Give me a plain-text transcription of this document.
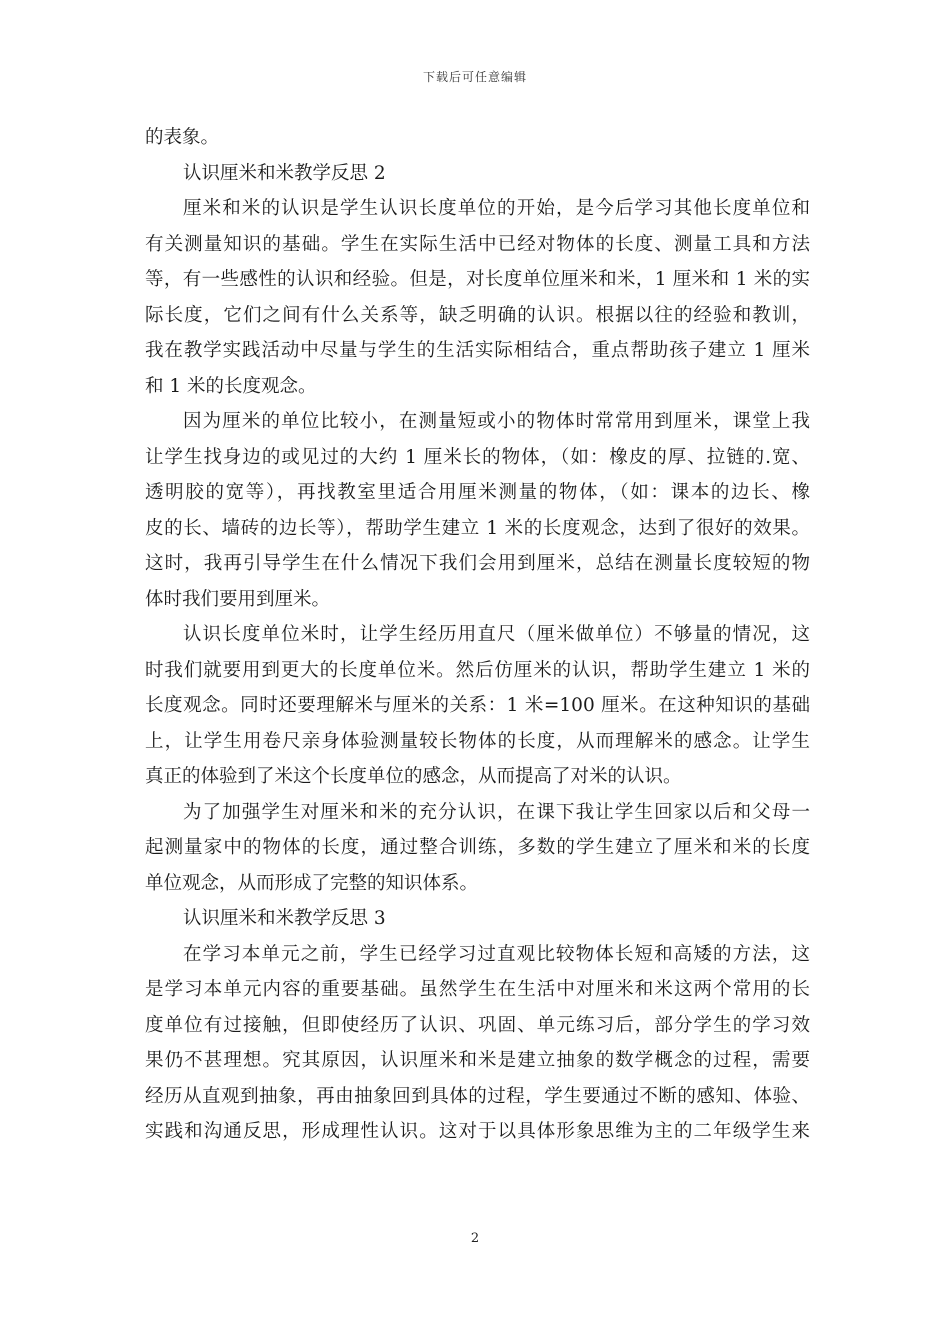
下载后可任意编辑
的表象。
认识厘米和米教学反思 2
厘米和米的认识是学生认识长度单位的开始，是今后学习其他长度单位和
有关测量知识的基础。学生在实际生活中已经对物体的长度、测量工具和方法
等，有一些感性的认识和经验。但是，对长度单位厘米和米，1 厘米和 1 米的实
际长度，它们之间有什么关系等，缺乏明确的认识。根据以往的经验和教训，
我在教学实践活动中尽量与学生的生活实际相结合，重点帮助孩子建立 1 厘米
和 1 米的长度观念。
因为厘米的单位比较小，在测量短或小的物体时常常用到厘米，课堂上我
让学生找身边的或见过的大约 1 厘米长的物体，（如：橡皮的厚、拉链的.宽、
透明胶的宽等），再找教室里适合用厘米测量的物体，（如：课本的边长、橡
皮的长、墙砖的边长等），帮助学生建立 1 米的长度观念，达到了很好的效果。
这时，我再引导学生在什么情况下我们会用到厘米，总结在测量长度较短的物
体时我们要用到厘米。
认识长度单位米时，让学生经历用直尺（厘米做单位）不够量的情况，这
时我们就要用到更大的长度单位米。然后仿厘米的认识，帮助学生建立 1 米的
长度观念。同时还要理解米与厘米的关系：1 米=100 厘米。在这种知识的基础
上，让学生用卷尺亲身体验测量较长物体的长度，从而理解米的感念。让学生
真正的体验到了米这个长度单位的感念，从而提高了对米的认识。
为了加强学生对厘米和米的充分认识，在课下我让学生回家以后和父母一
起测量家中的物体的长度，通过整合训练，多数的学生建立了厘米和米的长度
单位观念，从而形成了完整的知识体系。
认识厘米和米教学反思 3
在学习本单元之前，学生已经学习过直观比较物体长短和高矮的方法，这
是学习本单元内容的重要基础。虽然学生在生活中对厘米和米这两个常用的长
度单位有过接触，但即使经历了认识、巩固、单元练习后，部分学生的学习效
果仍不甚理想。究其原因，认识厘米和米是建立抽象的数学概念的过程，需要
经历从直观到抽象，再由抽象回到具体的过程，学生要通过不断的感知、体验、
实践和沟通反思，形成理性认识。这对于以具体形象思维为主的二年级学生来
2
